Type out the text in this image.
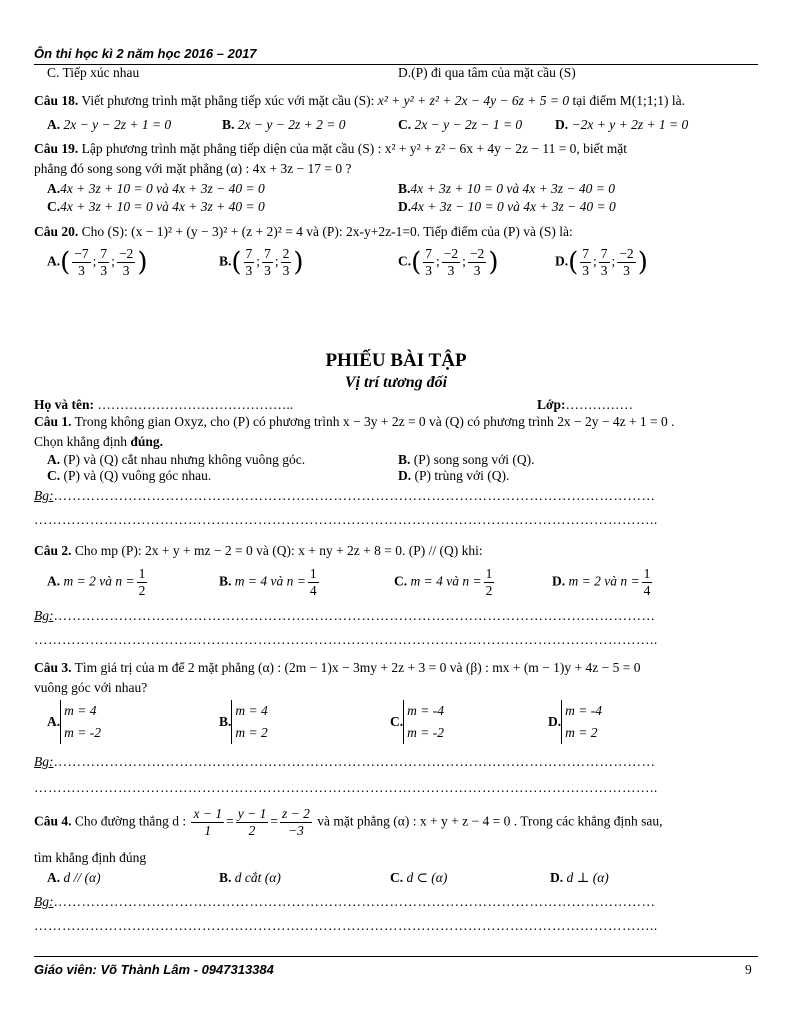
Ôn thi học kì 2 năm học 2016 – 2017
C. Tiếp xúc nhau	D.(P) đi qua tâm của mặt cầu (S)
Câu 18. Viết phương trình mặt phẳng tiếp xúc với mặt cầu (S): x² + y² + z² + 2x − 4y − 6z + 5 = 0 tại điểm M(1;1;1) là.
A. 2x − y − 2z + 1 = 0	B. 2x − y − 2z + 2 = 0	C. 2x − y − 2z − 1 = 0 D. −2x + y + 2z + 1 = 0
Câu 19. Lập phương trình mặt phẳng tiếp diện của mặt cầu (S) : x² + y² + z² − 6x + 4y − 2z − 11 = 0, biết mặt
phẳng đó song song với mặt phẳng (α) : 4x + 3z − 17 = 0 ?
A.4x + 3z + 10 = 0 và 4x + 3z − 40 = 0	B.4x + 3z + 10 = 0 và 4x + 3z − 40 = 0
C.4x + 3z + 10 = 0 và 4x + 3z + 40 = 0	D.4x + 3z − 10 = 0 và 4x + 3z − 40 = 0
Câu 20. Cho (S): (x − 1)² + (y − 3)² + (z + 2)² = 4 và (P): 2x-y+2z-1=0. Tiếp điểm của (P) và (S) là:
$A.( \frac{-7}{3}$ ; $\frac{7}{3}$ ; $\frac{-2}{3}$ )	$B.( \frac{7}{3}$ ; $\frac{7}{3}$ ; $\frac{2}{3}$ )	$C.( \frac{7}{3}$ ; $\frac{-2}{3}$ ; $\frac{-2}{3}$ )	$D.( \frac{7}{3}$ ; $\frac{7}{3}$ ; $\frac{-2}{3}$ )
PHIẾU BÀI TẬP
Vị trí tương đối
Họ và tên: ……………………………………..	Lớp:……………
Câu 1. Trong không gian Oxyz, cho (P) có phương trình x − 3y + 2z = 0 và (Q) có phương trình 2x − 2y − 4z + 1 = 0 .
Chọn khẳng định đúng.
A. (P) và (Q) cắt nhau nhưng không vuông góc.	B. (P) song song với (Q).
C. (P) và (Q) vuông góc nhau.	D. (P) trùng với (Q).
Bg:…………………………………………………………………………………………………………………
……………………………………………………………………………………………………………………..
Câu 2. Cho mp (P): 2x + y + mz − 2 = 0 và (Q): x + ny + 2z + 8 = 0. (P) // (Q) khi:
A. m = 2 và $n = \frac{1}{2}$	B. m = 4 và $n = \frac{1}{4}$	C. m = 4 và $n = \frac{1}{2}$	D. m = 2 và $n = \frac{1}{4}$
Bg:…………………………………………………………………………………………………………………
……………………………………………………………………………………………………………………..
Câu 3. Tìm giá trị của m để 2 mặt phẳng (α) : (2m − 1)x − 3my + 2z + 3 = 0 và (β) : mx + (m − 1)y + 4z − 5 = 0
vuông góc với nhau?
A.
m = 4
m = -2
B.
m = 4
m = 2
C.
m = -4
m = -2
D.
m = -4
m = 2
Bg:…………………………………………………………………………………………………………………
……………………………………………………………………………………………………………………..
Câu 4. Cho đường thẳng d : $\frac{x - 1}{1} = \frac{y - 1}{2} = \frac{z - 2}{-3}$ và mặt phẳng (α) : x + y + z − 4 = 0 . Trong các khẳng định sau,
tìm khẳng định đúng
A. d // (α)	B. d cắt (α)	C. d ⊂ (α)	D. d ⊥ (α)
Bg:…………………………………………………………………………………………………………………
……………………………………………………………………………………………………………………..
Giáo viên: Võ Thành Lâm - 0947313384	9
